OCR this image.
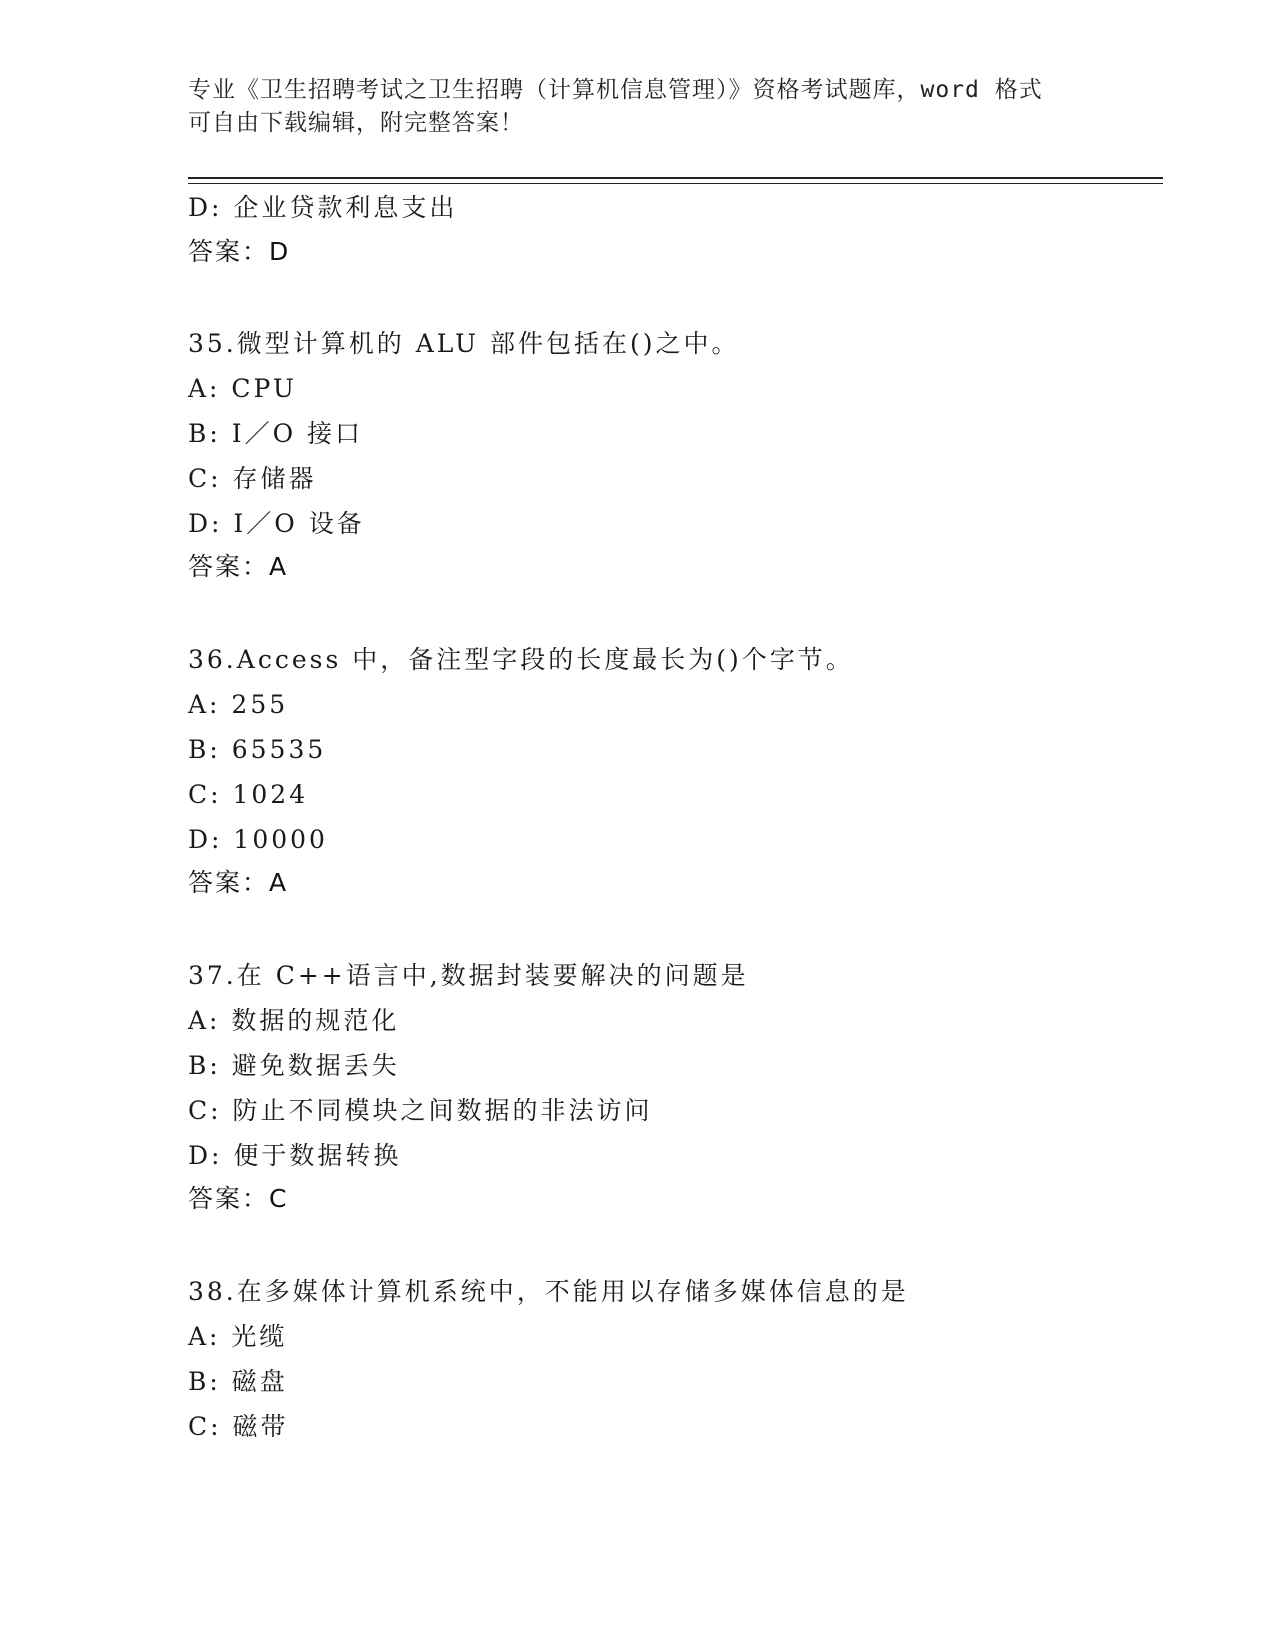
专业《卫生招聘考试之卫生招聘（计算机信息管理）》资格考试题库，word 格式
可自由下载编辑，附完整答案！
D: 企业贷款利息支出
答案：D
35.微型计算机的 ALU 部件包括在()之中。
A: CPU
B: I／O 接口
C: 存储器
D: I／O 设备
答案：A
36.Access 中，备注型字段的长度最长为()个字节。
A: 255
B: 65535
C: 1024
D: 10000
答案：A
37.在 C++语言中,数据封装要解决的问题是
A: 数据的规范化
B: 避免数据丢失
C: 防止不同模块之间数据的非法访问
D: 便于数据转换
答案：C
38.在多媒体计算机系统中，不能用以存储多媒体信息的是
A: 光缆
B: 磁盘
C: 磁带
